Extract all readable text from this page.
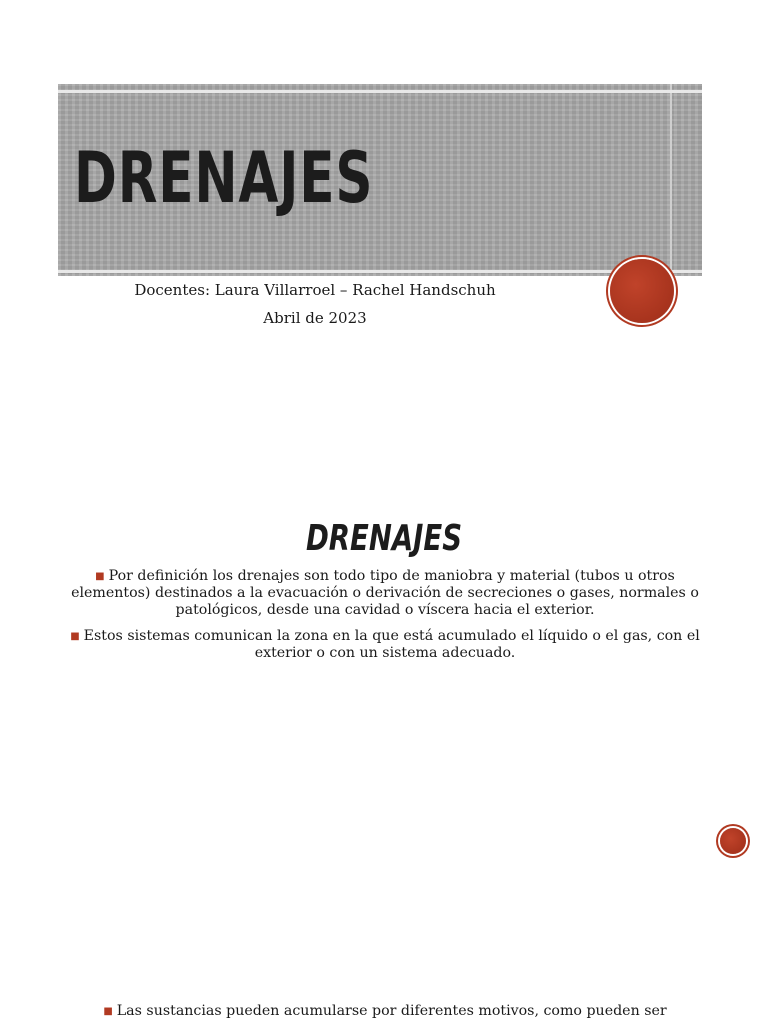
DRENAJES

Docentes: Laura Villarroel – Rachel Handschuh

Abril de 2023

DRENAJES
■ Por definición los drenajes son todo tipo de maniobra y material (tubos u otros elementos) destinados a la evacuación o derivación de secreciones o gases, normales o patológicos, desde una cavidad o víscera hacia el exterior.
■ Estos sistemas comunican la zona en la que está acumulado el líquido o el gas, con el exterior o con un sistema adecuado.
■ Las sustancias pueden acumularse por diferentes motivos, como pueden ser
